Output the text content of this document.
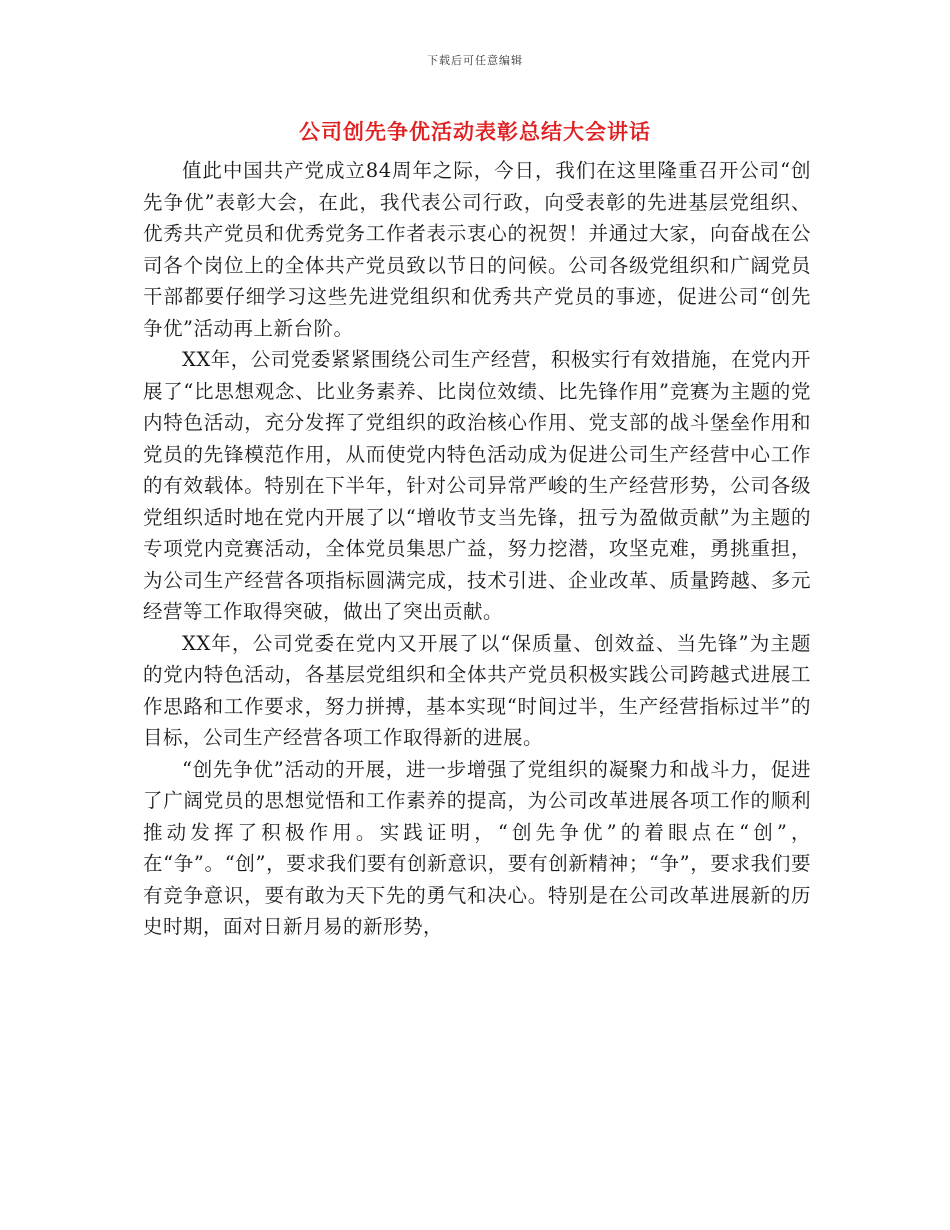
下载后可任意编辑
公司创先争优活动表彰总结大会讲话

值此中国共产党成立84周年之际，今日，我们在这里隆重召开公司“创先争优”表彰大会，在此，我代表公司行政，向受表彰的先进基层党组织、优秀共产党员和优秀党务工作者表示衷心的祝贺！并通过大家，向奋战在公司各个岗位上的全体共产党员致以节日的问候。公司各级党组织和广阔党员干部都要仔细学习这些先进党组织和优秀共产党员的事迹，促进公司“创先争优”活动再上新台阶。

XX年，公司党委紧紧围绕公司生产经营，积极实行有效措施，在党内开展了“比思想观念、比业务素养、比岗位效绩、比先锋作用”竞赛为主题的党内特色活动，充分发挥了党组织的政治核心作用、党支部的战斗堡垒作用和党员的先锋模范作用，从而使党内特色活动成为促进公司生产经营中心工作的有效载体。特别在下半年，针对公司异常严峻的生产经营形势，公司各级党组织适时地在党内开展了以“增收节支当先锋，扭亏为盈做贡献”为主题的专项党内竞赛活动，全体党员集思广益，努力挖潜，攻坚克难，勇挑重担，为公司生产经营各项指标圆满完成，技术引进、企业改革、质量跨越、多元经营等工作取得突破，做出了突出贡献。

XX年，公司党委在党内又开展了以“保质量、创效益、当先锋”为主题的党内特色活动，各基层党组织和全体共产党员积极实践公司跨越式进展工作思路和工作要求，努力拼搏，基本实现“时间过半，生产经营指标过半”的目标，公司生产经营各项工作取得新的进展。

“创先争优”活动的开展，进一步增强了党组织的凝聚力和战斗力，促进了广阔党员的思想觉悟和工作素养的提高，为公司改革进展各项工作的顺利推动发挥了积极作用。实践证明，“创先争优”的着眼点在“创”，在“争”。“创”，要求我们要有创新意识，要有创新精神；“争”，要求我们要有竞争意识，要有敢为天下先的勇气和决心。特别是在公司改革进展新的历史时期，面对日新月易的新形势，
